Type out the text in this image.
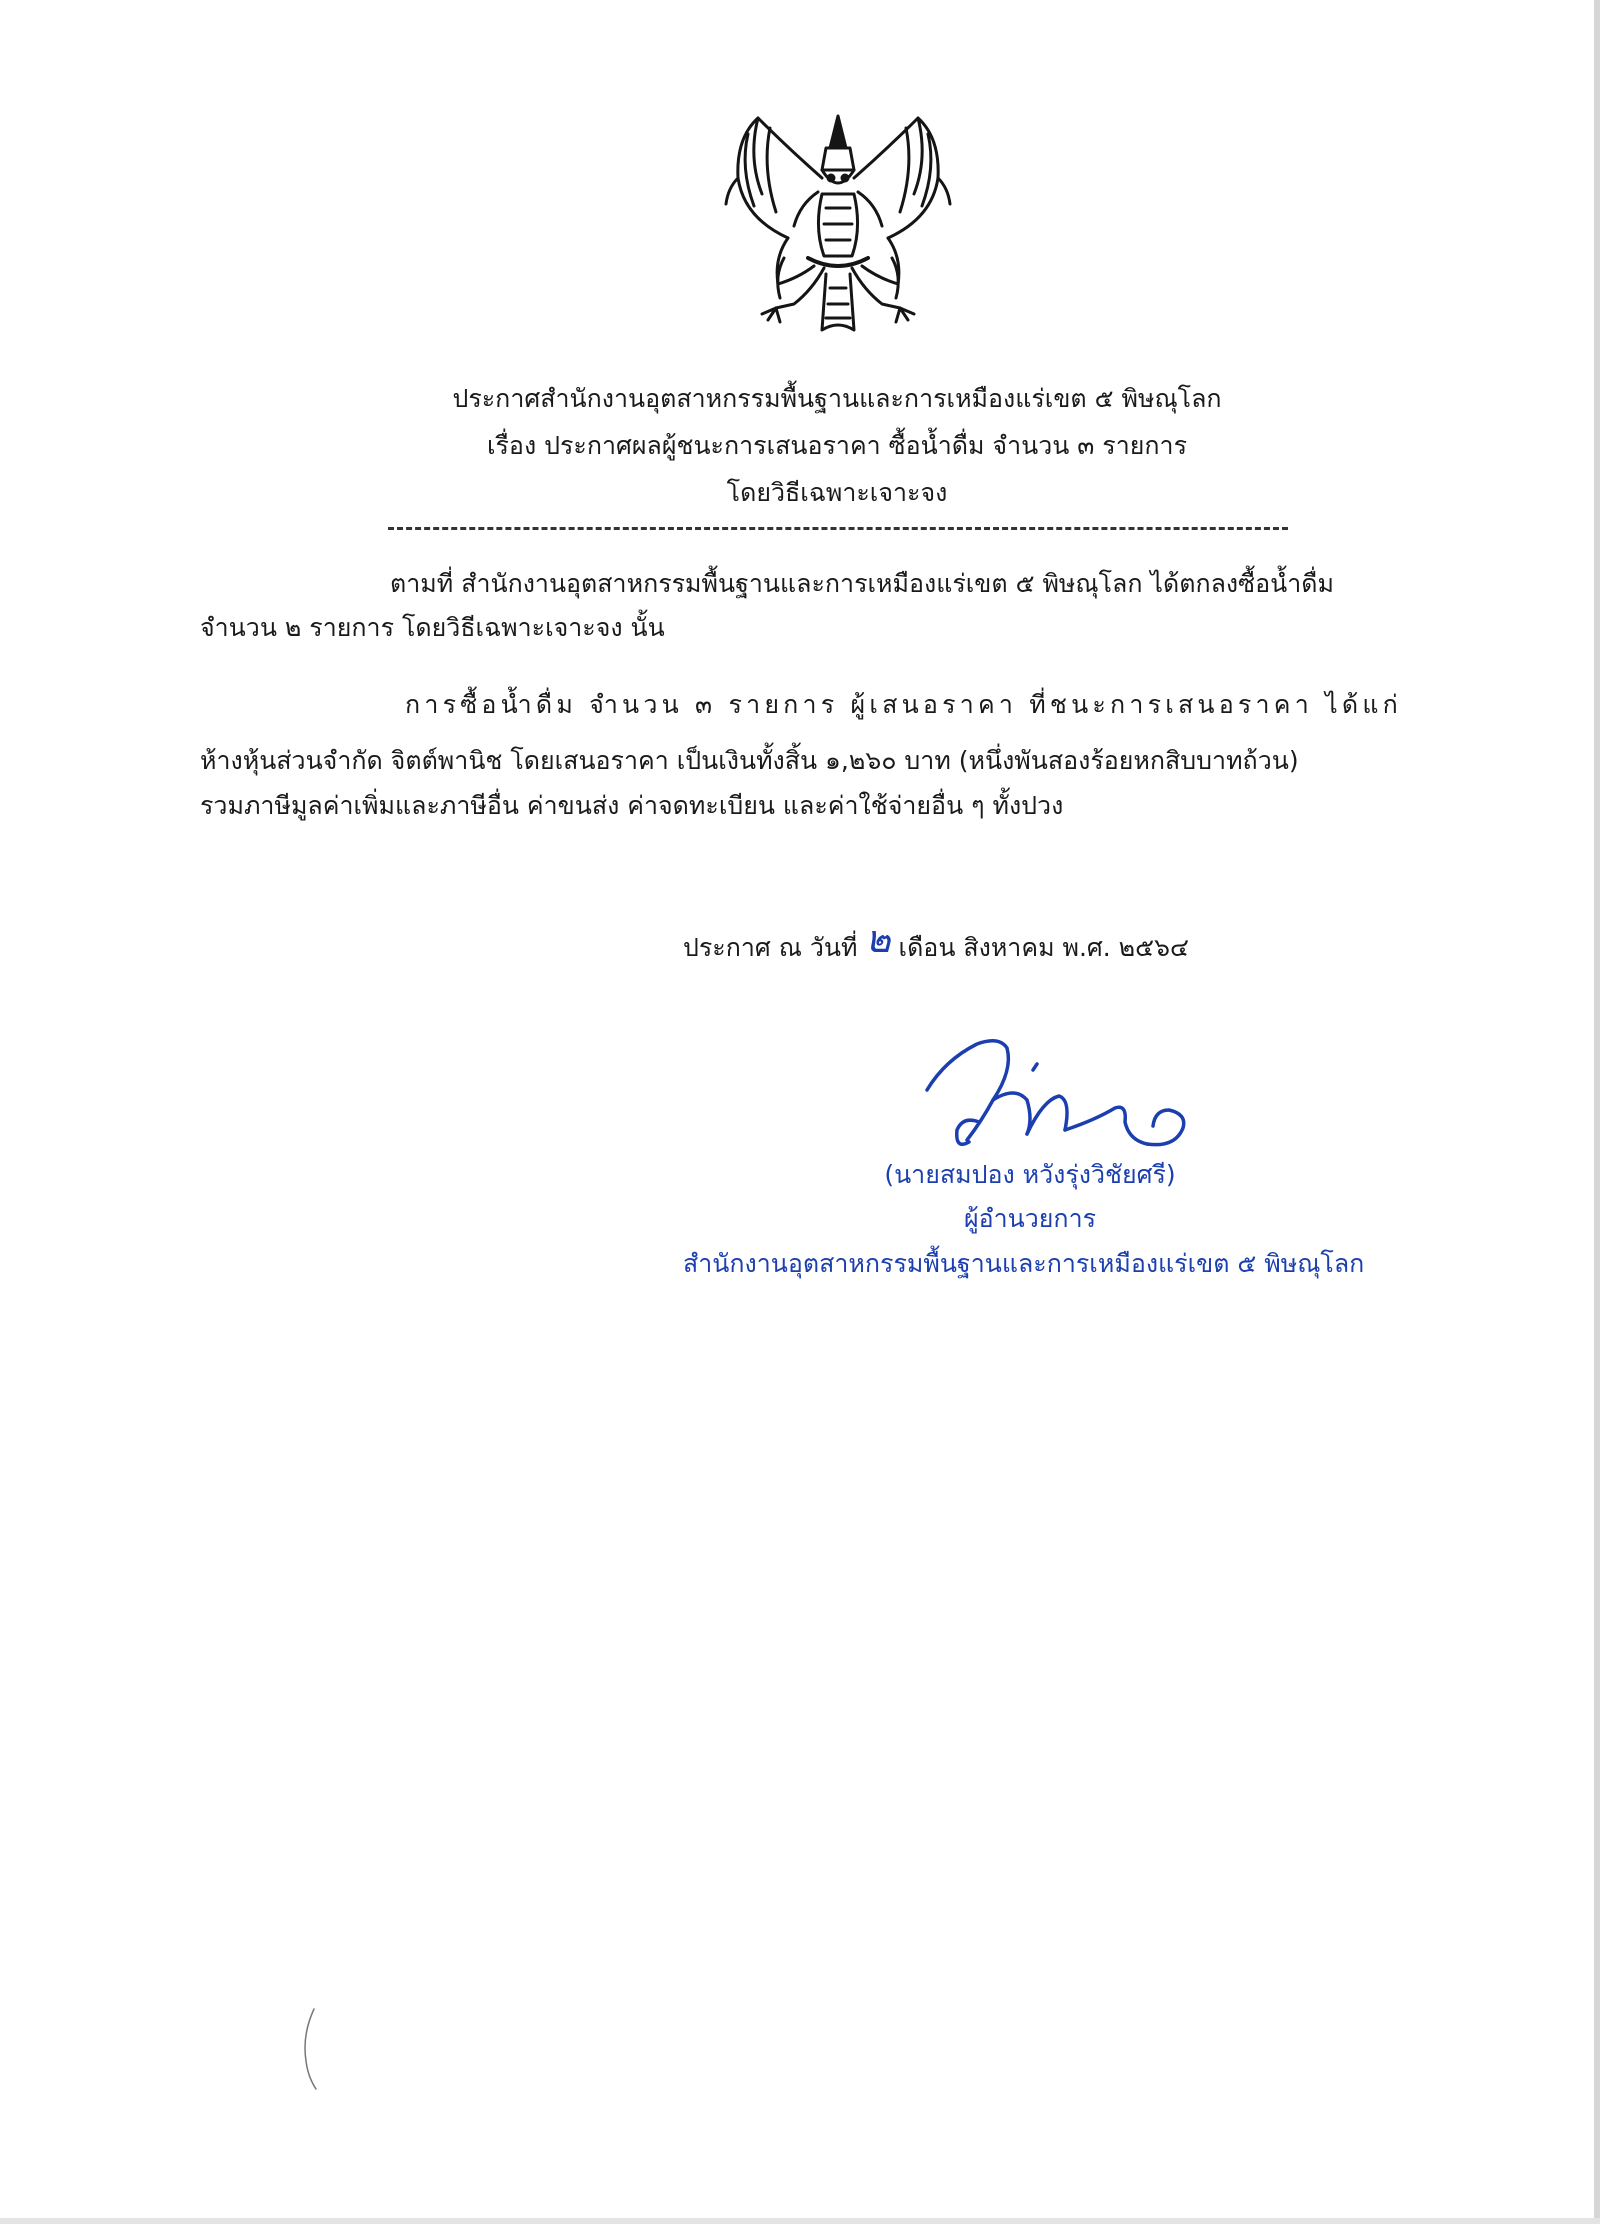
ประกาศสำนักงานอุตสาหกรรมพื้นฐานและการเหมืองแร่เขต ๕ พิษณุโลก
เรื่อง ประกาศผลผู้ชนะการเสนอราคา ซื้อน้ำดื่ม จำนวน ๓ รายการ
โดยวิธีเฉพาะเจาะจง
ตามที่ สำนักงานอุตสาหกรรมพื้นฐานและการเหมืองแร่เขต ๕ พิษณุโลก ได้ตกลงซื้อน้ำดื่ม
จำนวน ๒ รายการ โดยวิธีเฉพาะเจาะจง นั้น
การซื้อน้ำดื่ม จำนวน ๓ รายการ ผู้เสนอราคา ที่ชนะการเสนอราคา ได้แก่
ห้างหุ้นส่วนจำกัด จิตต์พานิช โดยเสนอราคา เป็นเงินทั้งสิ้น ๑,๒๖๐ บาท (หนึ่งพันสองร้อยหกสิบบาทถ้วน)
รวมภาษีมูลค่าเพิ่มและภาษีอื่น ค่าขนส่ง ค่าจดทะเบียน และค่าใช้จ่ายอื่น ๆ ทั้งปวง
ประกาศ ณ วันที่ ๒ เดือน สิงหาคม พ.ศ. ๒๕๖๔
(นายสมปอง หวังรุ่งวิชัยศรี)
ผู้อำนวยการ
สำนักงานอุตสาหกรรมพื้นฐานและการเหมืองแร่เขต ๕ พิษณุโลก
